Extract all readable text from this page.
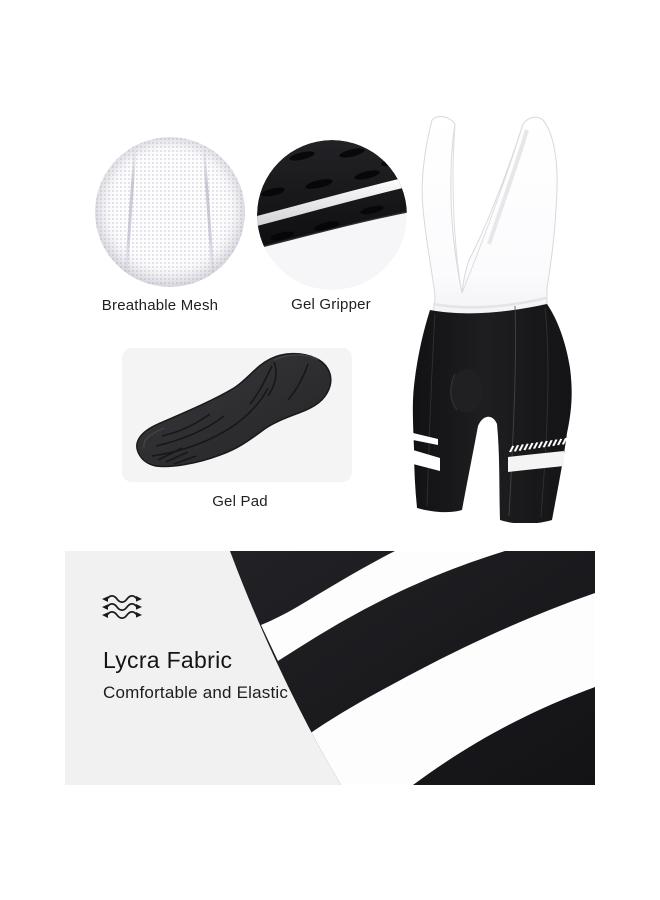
Breathable Mesh	Gel Gripper
Gel Pad
Lycra Fabric
Comfortable and Elastic
